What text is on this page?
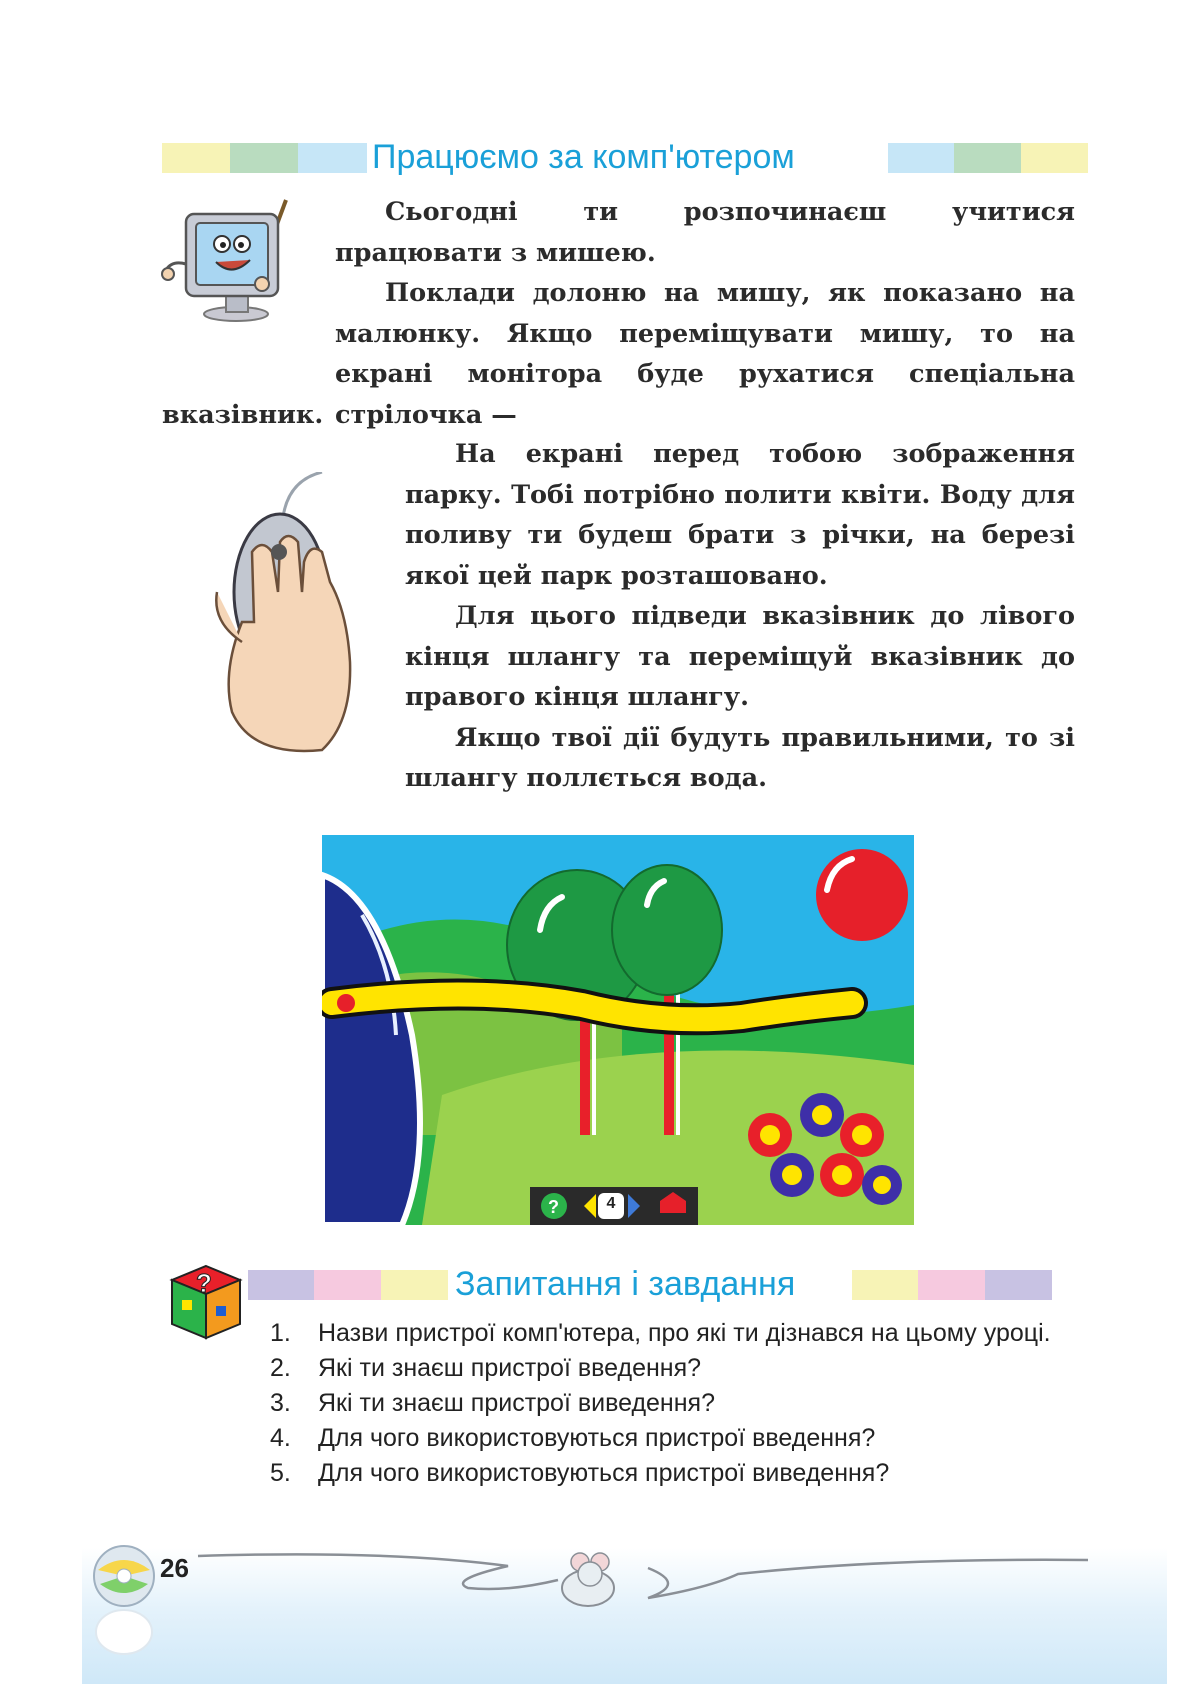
Працюємо за комп'ютером

Сьогодні ти розпочинаєш учитися працювати з мишею.

Поклади долоню на мишу, як показано на малюнку. Якщо переміщувати мишу, то на екрані монітора буде рухатися спеціальна стрілочка —

На екрані перед тобою зображення парку. Тобі потрібно полити квіти. Воду для поливу ти будеш брати з річки, на березі якої цей парк розташовано.

Для цього підведи вказівник до лівого кінця шлангу та переміщуй вказівник до правого кінця шлангу.

Якщо твої дії будуть правильними, то зі шлангу поллється вода.

?	4
?	Запитання і завдання
1.	Назви пристрої комп'ютера, про які ти дізнався на цьому уроці.
2.	Які ти знаєш пристрої введення?
3.	Які ти знаєш пристрої виведення?
4.	Для чого використовуються пристрої введення?
5.	Для чого використовуються пристрої виведення?
26
вказівник.
